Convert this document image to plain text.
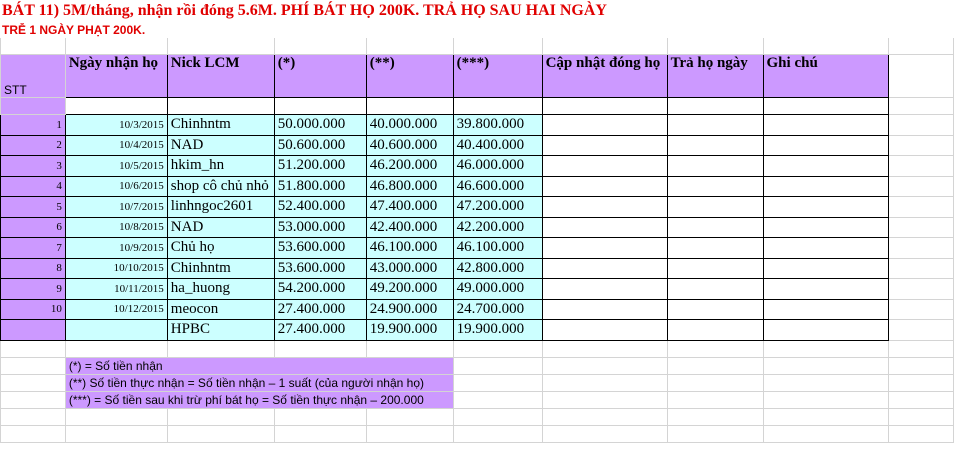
STT	Ngày nhận họ	Nick LCM	(*)	(**)	(***)	Cập nhật đóng họ	Trả họ ngày	Ghi chú	

1	10/3/2015	Chinhntm	50.000.000	40.000.000	39.800.000				
2	10/4/2015	NAD	50.600.000	40.600.000	40.400.000				
3	10/5/2015	hkim_hn	51.200.000	46.200.000	46.000.000				
4	10/6/2015	shop cô chủ nhỏ	51.800.000	46.800.000	46.600.000				
5	10/7/2015	linhngoc2601	52.400.000	47.400.000	47.200.000				
6	10/8/2015	NAD	53.000.000	42.400.000	42.200.000				
7	10/9/2015	Chủ họ	53.600.000	46.100.000	46.100.000				
8	10/10/2015	Chinhntm	53.600.000	43.000.000	42.800.000				
9	10/11/2015	ha_huong	54.200.000	49.200.000	49.000.000				
10	10/12/2015	meocon	27.400.000	24.900.000	24.700.000				
		HPBC	27.400.000	19.900.000	19.900.000				

	(*) = Số tiền nhận								
	(**) Số tiền thực nhận = Số tiền nhận – 1 suất (của người nhận họ)								
	(***) = Số tiền sau khi trừ phí bát họ = Số tiền thực nhận – 200.000								

BÁT 11) 5M/tháng, nhận rồi đóng 5.6M. PHÍ BÁT HỌ 200K. TRẢ HỌ SAU HAI NGÀY
TRỄ 1 NGÀY PHẠT 200K.
